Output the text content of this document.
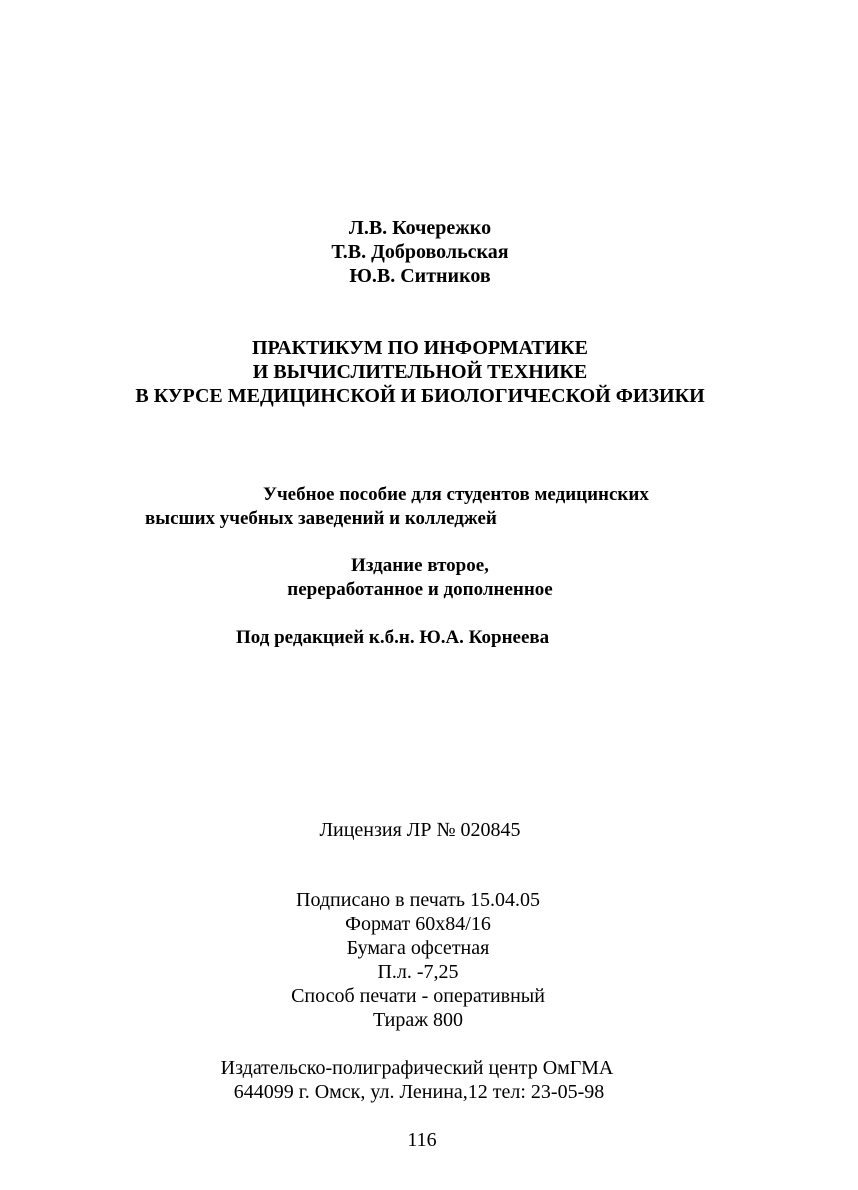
Л.В. Кочережко
Т.В. Добровольская
Ю.В. Ситников
ПРАКТИКУМ ПО ИНФОРМАТИКЕ
И ВЫЧИСЛИТЕЛЬНОЙ ТЕХНИКЕ
В КУРСЕ МЕДИЦИНСКОЙ И БИОЛОГИЧЕСКОЙ ФИЗИКИ
Учебное пособие для студентов медицинских
высших учебных заведений и колледжей
Издание второе,
переработанное и дополненное
Под редакцией к.б.н. Ю.А. Корнеева
Лицензия ЛР № 020845
Подписано в печать 15.04.05
Формат 60х84/16
Бумага офсетная
П.л. -7,25
Способ печати - оперативный
Тираж 800
Издательско-полиграфический центр ОмГМА
644099 г. Омск, ул. Ленина,12 тел: 23-05-98
116
